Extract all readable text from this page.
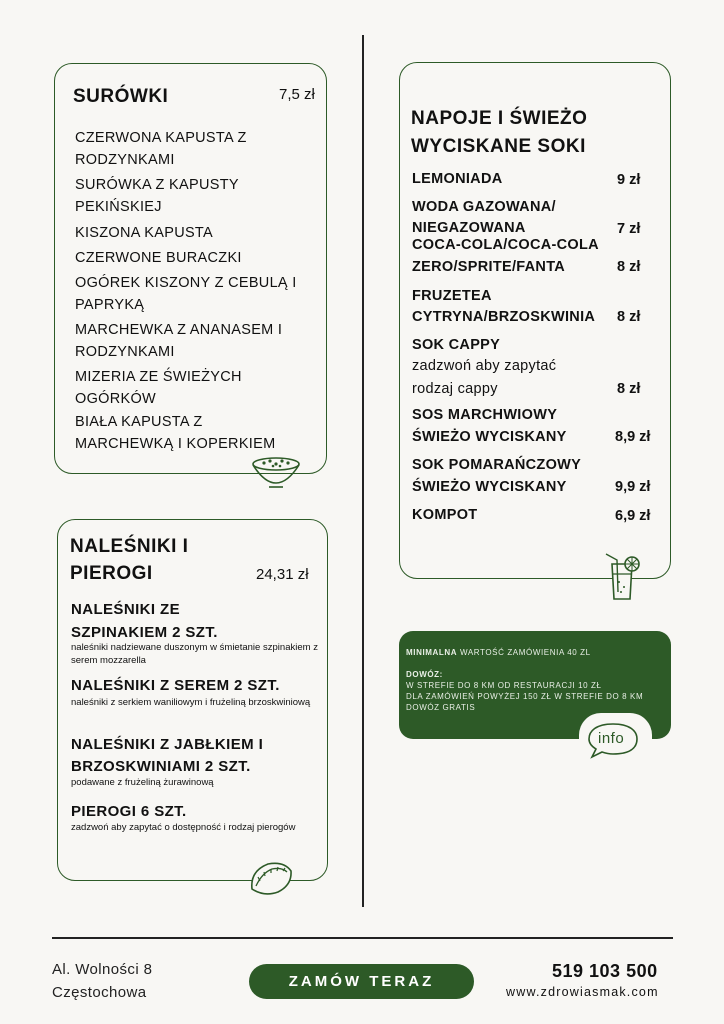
SURÓWKI	7,5 zł
CZERWONA KAPUSTA Z
RODZYNKAMI
SURÓWKA Z KAPUSTY
PEKIŃSKIEJ
KISZONA KAPUSTA
CZERWONE BURACZKI
OGÓREK KISZONY Z CEBULĄ I
PAPRYKĄ
MARCHEWKA Z ANANASEM I
RODZYNKAMI
MIZERIA ZE ŚWIEŻYCH
OGÓRKÓW
BIAŁA KAPUSTA Z
MARCHEWKĄ I KOPERKIEM
NALEŚNIKI I
PIEROGI	24,31 zł
NALEŚNIKI ZE
SZPINAKIEM 2 SZT.
naleśniki nadziewane duszonym w śmietanie szpinakiem z serem mozzarella
NALEŚNIKI Z SEREM 2 SZT.
naleśniki z serkiem waniliowym i frużeliną brzoskwiniową
NALEŚNIKI Z JABŁKIEM I
BRZOSKWINIAMI 2 SZT.
podawane z frużeliną żurawinową
PIEROGI 6 SZT.
zadzwoń aby zapytać o dostępność i rodzaj pierogów
NAPOJE I ŚWIEŻO
WYCISKANE SOKI
LEMONIADA	9 zł
WODA GAZOWANA/
NIEGAZOWANA	7 zł
COCA-COLA/COCA-COLA
ZERO/SPRITE/FANTA	8 zł
FRUZETEA
CYTRYNA/BRZOSKWINIA 8 zł
SOK CAPPY
zadzwoń aby zapytać
rodzaj cappy	8 zł
SOS MARCHWIOWY
ŚWIEŻO WYCISKANY	8,9 zł
SOK POMARAŃCZOWY
ŚWIEŻO WYCISKANY	9,9 zł
KOMPOT	6,9 zł
MINIMALNA WARTOŚĆ ZAMÓWIENIA 40 ZL
DOWÓZ:
W STREFIE DO 8 KM OD RESTAURACJI 10 ZŁ
DLA ZAMÓWIEŃ POWYŻEJ 150 ZŁ W STREFIE DO 8 KM
DOWÓZ GRATIS
info
Al. Wolności 8
Częstochowa
ZAMÓW TERAZ
519 103 500
www.zdrowiasmak.com
